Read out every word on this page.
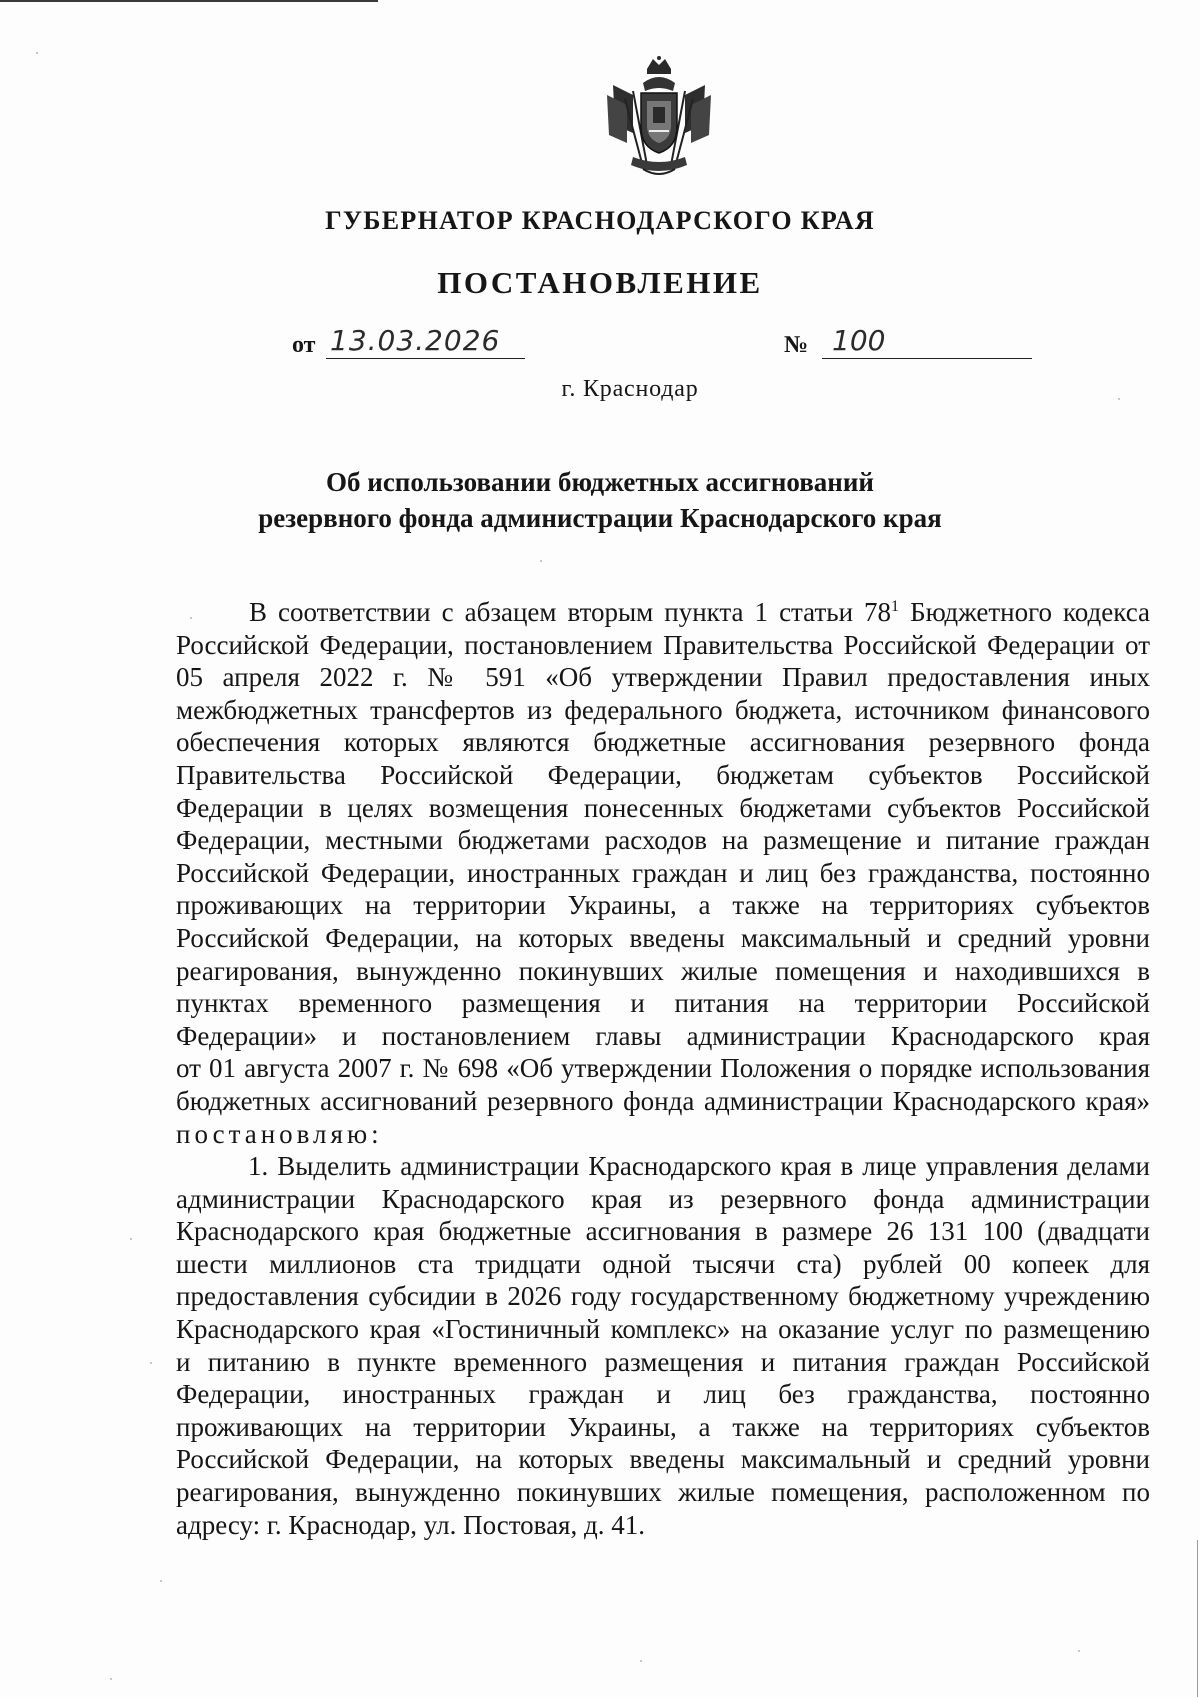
ГУБЕРНАТОР КРАСНОДАРСКОГО КРАЯ
ПОСТАНОВЛЕНИЕ
от 13.03.2026	№ 100
г. Краснодар
Об использовании бюджетных ассигнований
резервного фонда администрации Краснодарского края
В соответствии с абзацем вторым пункта 1 статьи $78^1$ Бюджетного кодекса
Российской Федерации, постановлением Правительства Российской Федерации от
05 апреля 2022 г. № 591 «Об утверждении Правил предоставления иных
межбюджетных трансфертов из федерального бюджета, источником финансового
обеспечения которых являются бюджетные ассигнования резервного фонда
Правительства Российской Федерации, бюджетам субъектов Российской
Федерации в целях возмещения понесенных бюджетами субъектов Российской
Федерации, местными бюджетами расходов на размещение и питание граждан
Российской Федерации, иностранных граждан и лиц без гражданства, постоянно
проживающих на территории Украины, а также на территориях субъектов
Российской Федерации, на которых введены максимальный и средний уровни
реагирования, вынужденно покинувших жилые помещения и находившихся в
пунктах временного размещения и питания на территории Российской
Федерации» и постановлением главы администрации Краснодарского края
от 01 августа 2007 г. № 698 «Об утверждении Положения о порядке использования
бюджетных ассигнований резервного фонда администрации Краснодарского края»
постановляю:
1. Выделить администрации Краснодарского края в лице управления делами
администрации Краснодарского края из резервного фонда администрации
Краснодарского края бюджетные ассигнования в размере 26 131 100 (двадцати
шести миллионов ста тридцати одной тысячи ста) рублей 00 копеек для
предоставления субсидии в 2026 году государственному бюджетному учреждению
Краснодарского края «Гостиничный комплекс» на оказание услуг по размещению
и питанию в пункте временного размещения и питания граждан Российской
Федерации, иностранных граждан и лиц без гражданства, постоянно
проживающих на территории Украины, а также на территориях субъектов
Российской Федерации, на которых введены максимальный и средний уровни
реагирования, вынужденно покинувших жилые помещения, расположенном по
адресу: г. Краснодар, ул. Постовая, д. 41.
